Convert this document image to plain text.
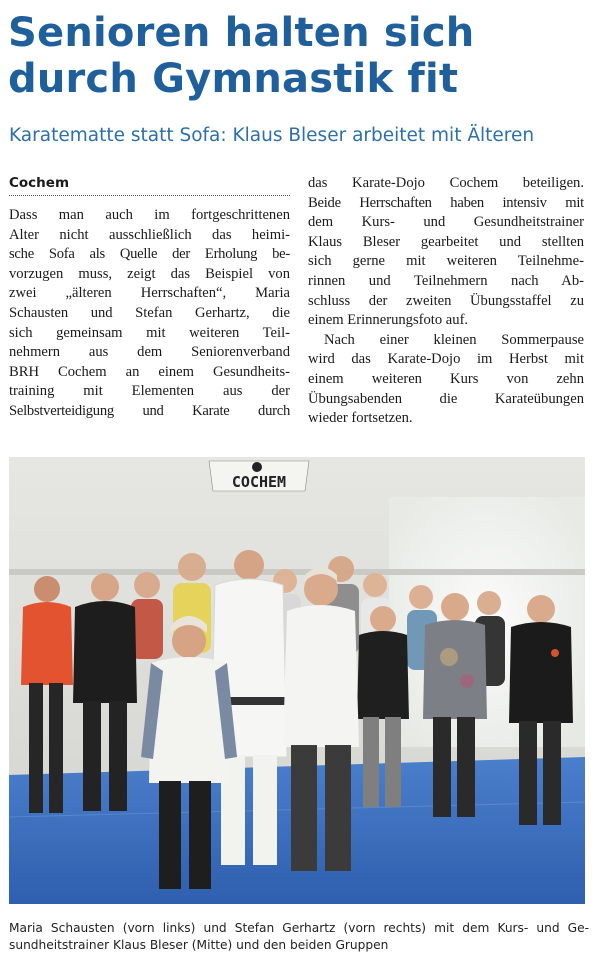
Senioren halten sich
durch Gymnastik fit
Karatematte statt Sofa: Klaus Bleser arbeitet mit Älteren
Cochem
Dass man auch im fortgeschrittenen
Alter nicht ausschließlich das heimi-
sche Sofa als Quelle der Erholung be-
vorzugen muss, zeigt das Beispiel von
zwei „älteren Herrschaften“, Maria
Schausten und Stefan Gerhartz, die
sich gemeinsam mit weiteren Teil-
nehmern aus dem Seniorenverband
BRH Cochem an einem Gesundheits-
training mit Elementen aus der
Selbstverteidigung und Karate durch
das Karate-Dojo Cochem beteiligen.
Beide Herrschaften haben intensiv mit
dem Kurs- und Gesundheitstrainer
Klaus Bleser gearbeitet und stellten
sich gerne mit weiteren Teilnehme-
rinnen und Teilnehmern nach Ab-
schluss der zweiten Übungsstaffel zu
einem Erinnerungsfoto auf.
Nach einer kleinen Sommerpause
wird das Karate-Dojo im Herbst mit
einem weiteren Kurs von zehn
Übungsabenden die Karateübungen
wieder fortsetzen.
COCHEM
Maria Schausten (vorn links) und Stefan Gerhartz (vorn rechts) mit dem Kurs- und Ge-
sundheitstrainer Klaus Bleser (Mitte) und den beiden Gruppen
